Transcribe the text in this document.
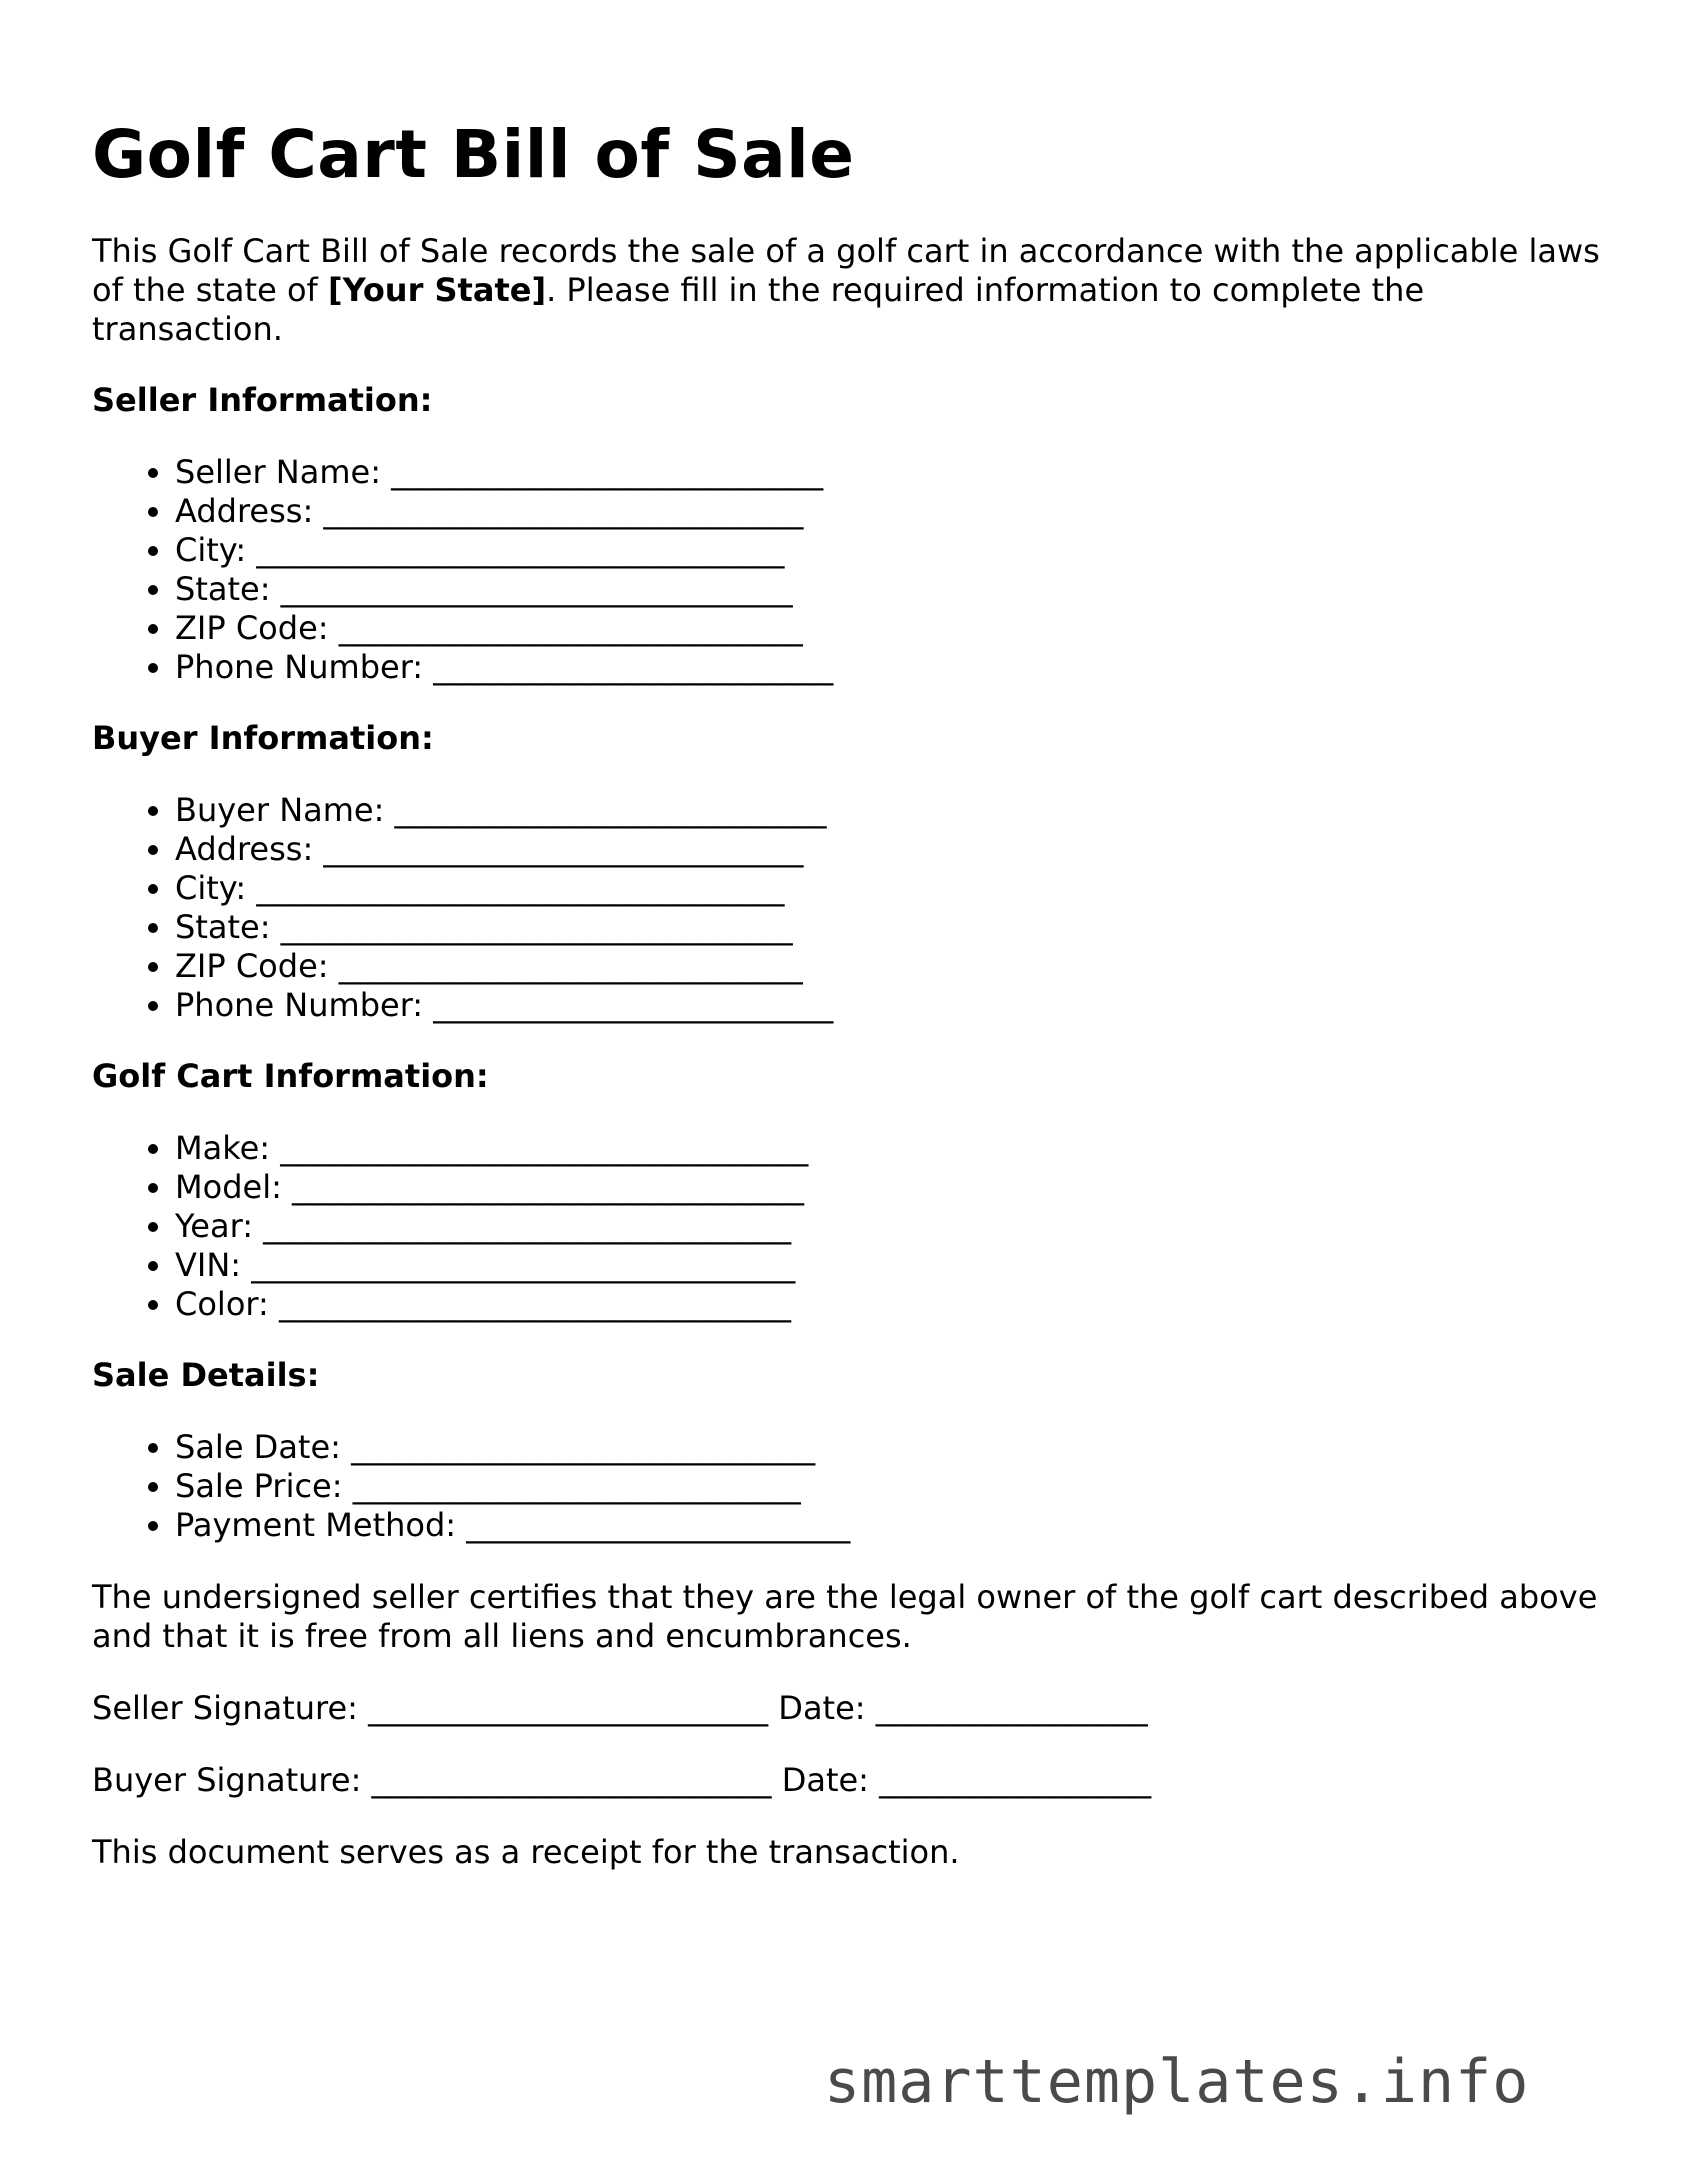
Golf Cart Bill of Sale

This Golf Cart Bill of Sale records the sale of a golf cart in accordance with the applicable laws of the state of [Your State]. Please fill in the required information to complete the transaction.

Seller Information:
• Seller Name: ___________________________
• Address: ______________________________
• City: _________________________________
• State: ________________________________
• ZIP Code: _____________________________
• Phone Number: _________________________
Buyer Information:
• Buyer Name: ___________________________
• Address: ______________________________
• City: _________________________________
• State: ________________________________
• ZIP Code: _____________________________
• Phone Number: _________________________
Golf Cart Information:
• Make: _________________________________
• Model: ________________________________
• Year: _________________________________
• VIN: __________________________________
• Color: ________________________________
Sale Details:
• Sale Date: _____________________________
• Sale Price: ____________________________
• Payment Method: ________________________

The undersigned seller certifies that they are the legal owner of the golf cart described above and that it is free from all liens and encumbrances.

Seller Signature: _________________________ Date: _________________

Buyer Signature: _________________________ Date: _________________

This document serves as a receipt for the transaction.

smarttemplates.info
